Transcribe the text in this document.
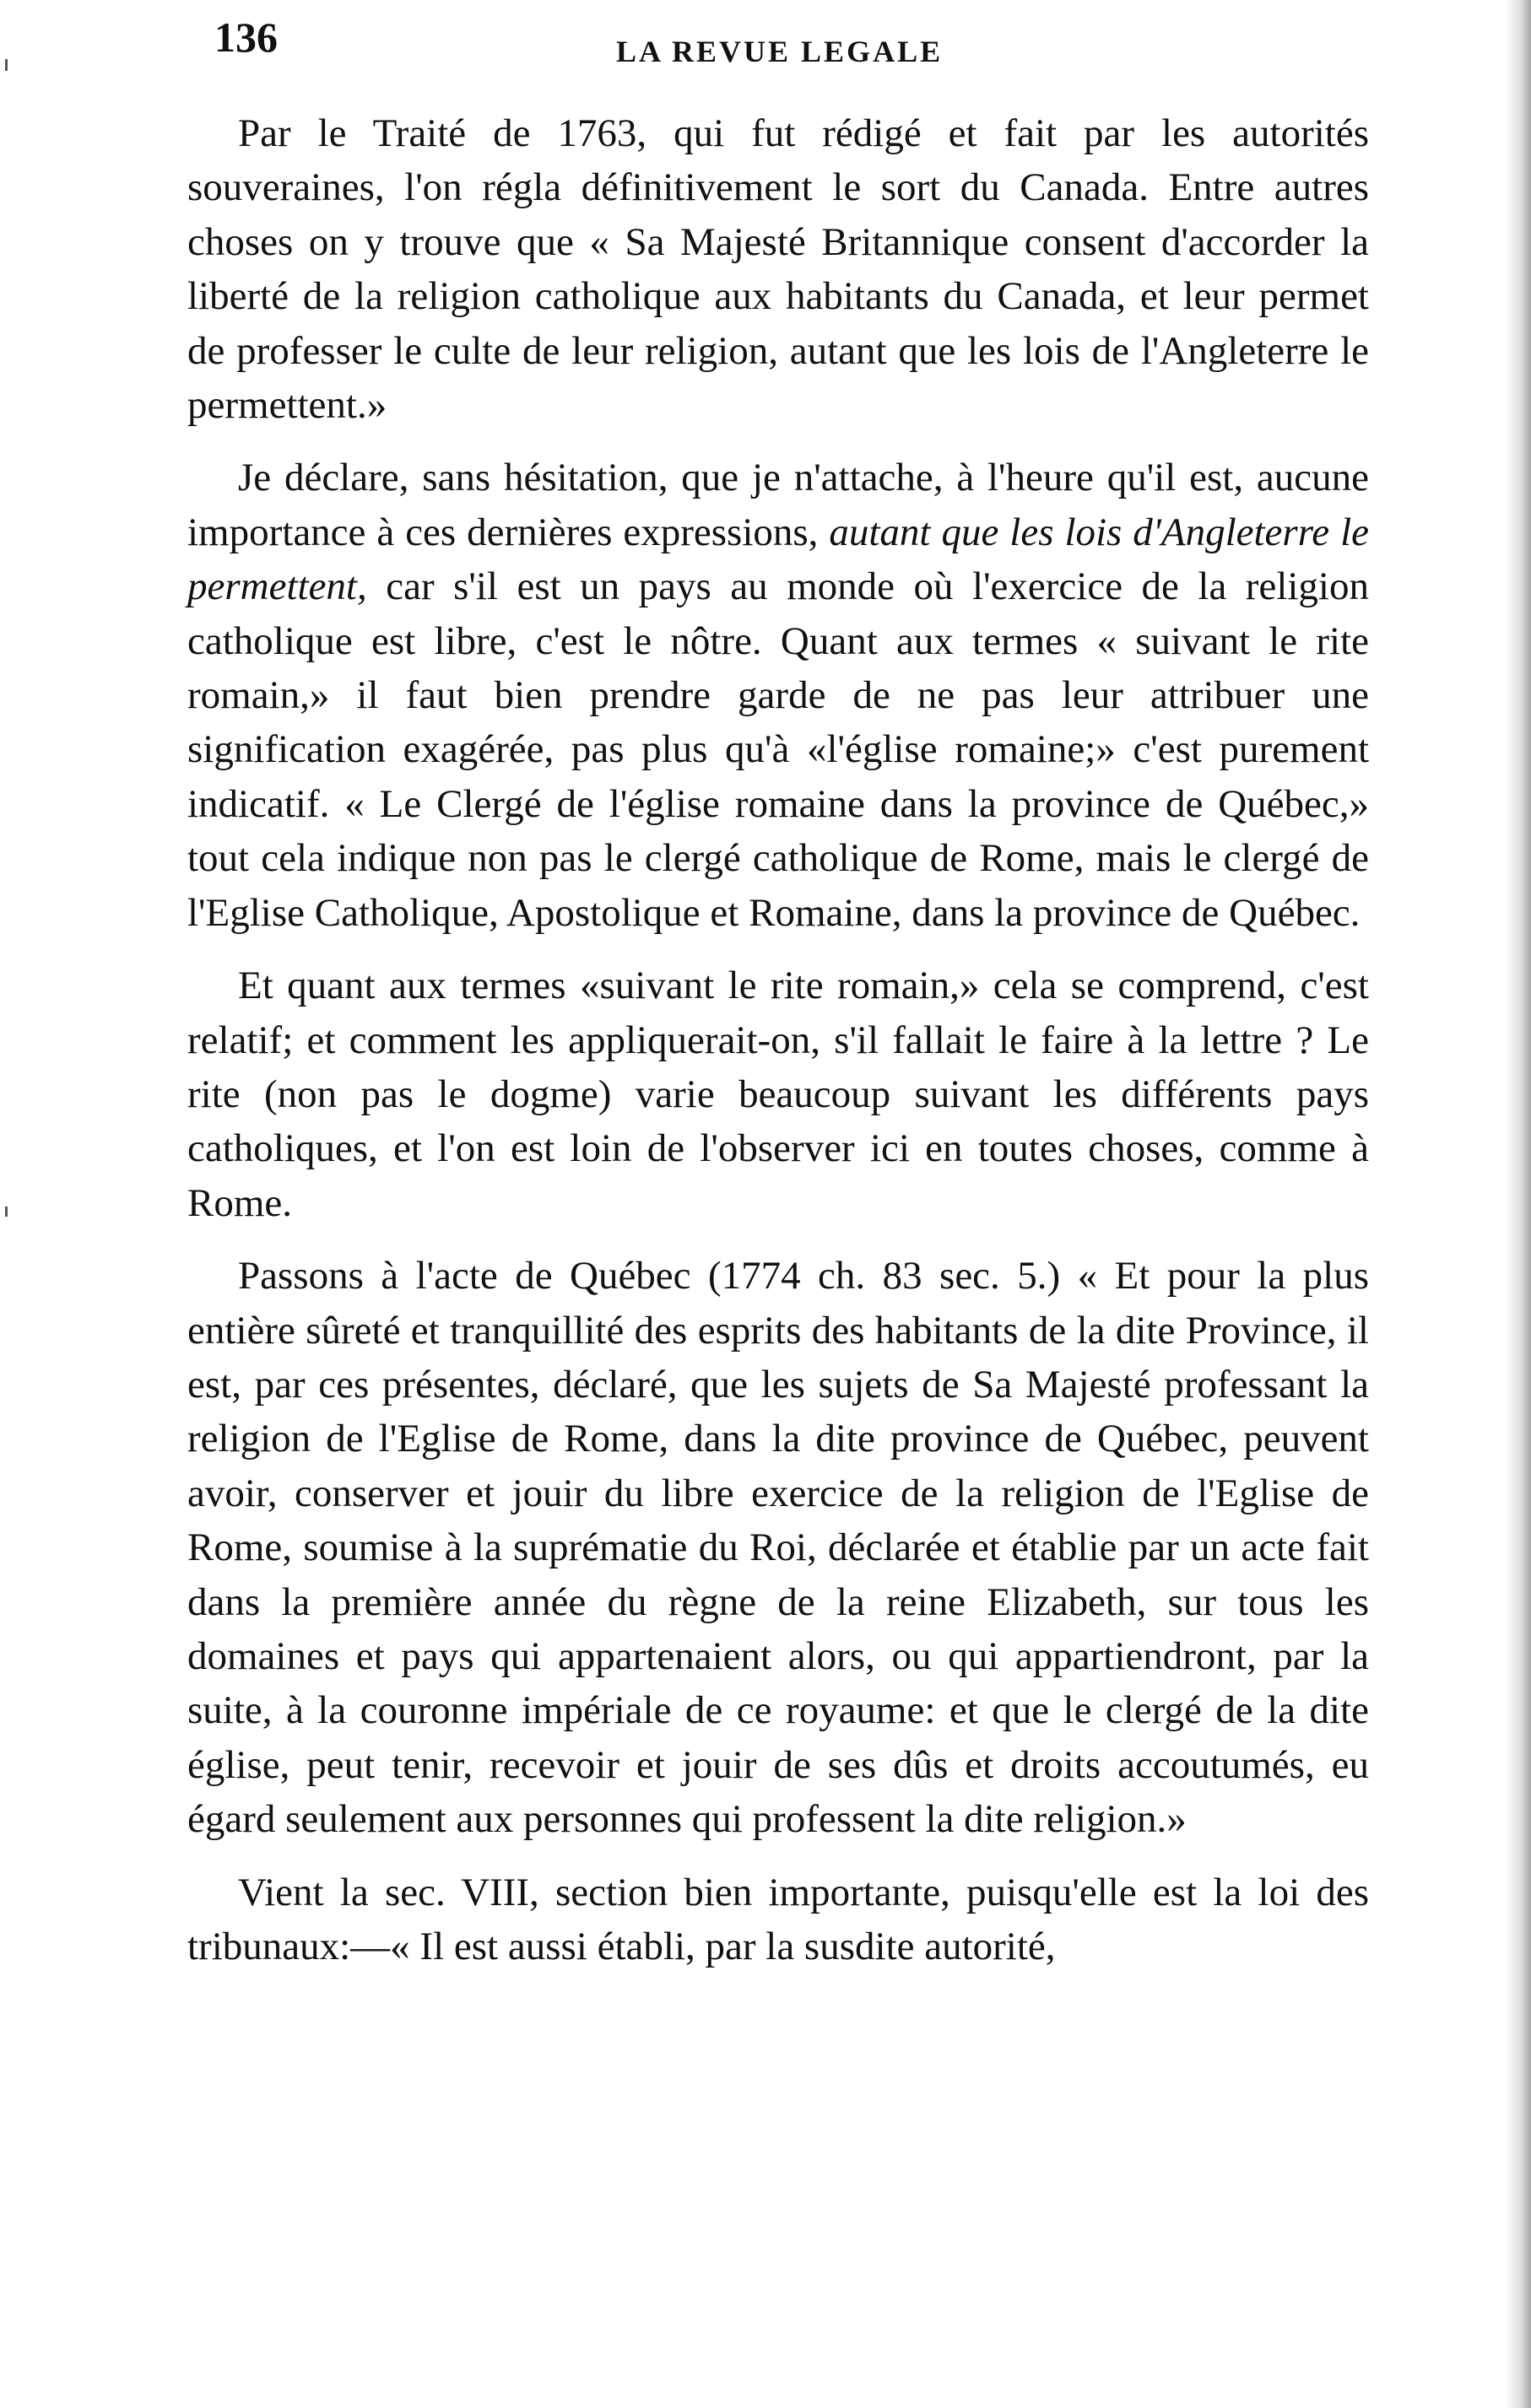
136	LA REVUE LEGALE

Par le Traité de 1763, qui fut rédigé et fait par les autorités souveraines, l'on régla définitivement le sort du Canada. Entre autres choses on y trouve que « Sa Majesté Britannique consent d'accorder la liberté de la religion catholique aux habitants du Canada, et leur permet de professer le culte de leur religion, autant que les lois de l'Angleterre le permettent.»

Je déclare, sans hésitation, que je n'attache, à l'heure qu'il est, aucune importance à ces dernières expressions, autant que les lois d'Angleterre le permettent, car s'il est un pays au monde où l'exercice de la religion catholique est libre, c'est le nôtre. Quant aux termes « suivant le rite romain,» il faut bien prendre garde de ne pas leur attribuer une signification exagérée, pas plus qu'à «l'église romaine;» c'est purement indicatif. « Le Clergé de l'église romaine dans la province de Québec,» tout cela indique non pas le clergé catholique de Rome, mais le clergé de l'Eglise Catholique, Apostolique et Romaine, dans la province de Québec.

Et quant aux termes «suivant le rite romain,» cela se comprend, c'est relatif; et comment les appliquerait-on, s'il fallait le faire à la lettre ? Le rite (non pas le dogme) varie beaucoup suivant les différents pays catholiques, et l'on est loin de l'observer ici en toutes choses, comme à Rome.

Passons à l'acte de Québec (1774 ch. 83 sec. 5.) « Et pour la plus entière sûreté et tranquillité des esprits des habitants de la dite Province, il est, par ces présentes, déclaré, que les sujets de Sa Majesté professant la religion de l'Eglise de Rome, dans la dite province de Québec, peuvent avoir, conserver et jouir du libre exercice de la religion de l'Eglise de Rome, soumise à la suprématie du Roi, déclarée et établie par un acte fait dans la première année du règne de la reine Elizabeth, sur tous les domaines et pays qui appartenaient alors, ou qui appartiendront, par la suite, à la couronne impériale de ce royaume: et que le clergé de la dite église, peut tenir, recevoir et jouir de ses dûs et droits accoutumés, eu égard seulement aux personnes qui professent la dite religion.»

Vient la sec. VIII, section bien importante, puisqu'elle est la loi des tribunaux:—« Il est aussi établi, par la susdite autorité,
